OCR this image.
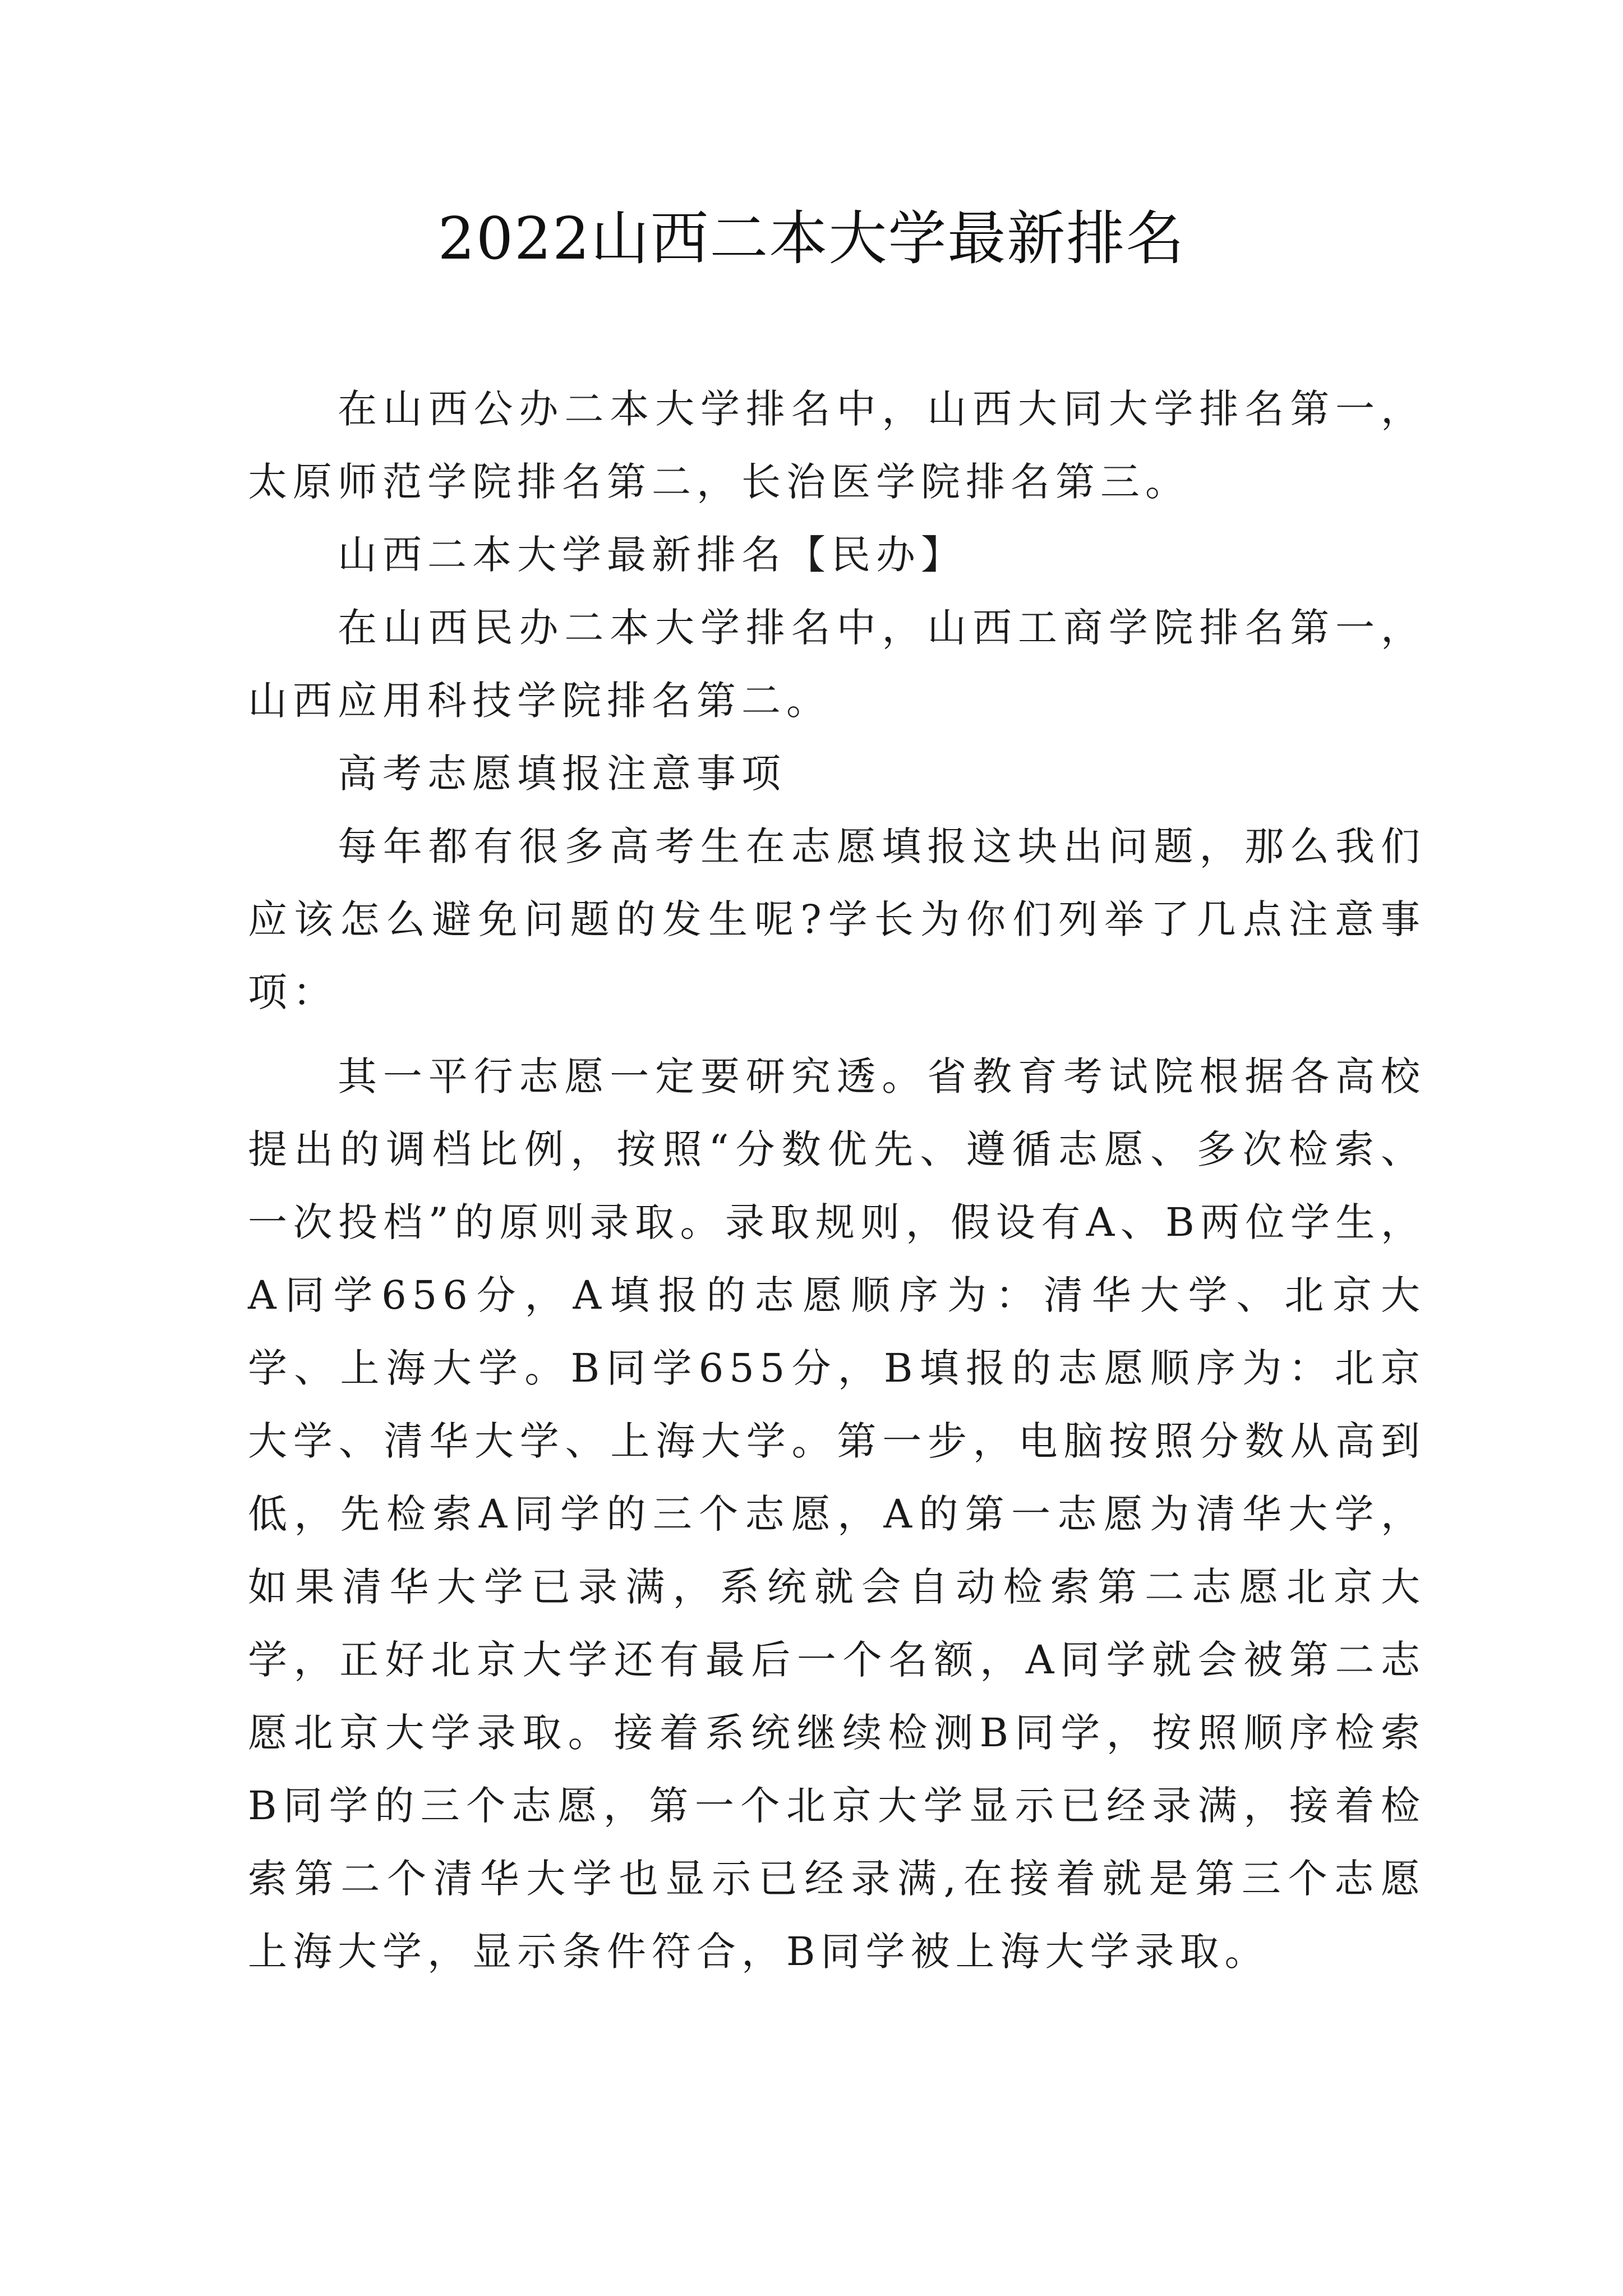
2022山西二本大学最新排名

在山西公办二本大学排名中，山西大同大学排名第一，太原师范学院排名第二，长治医学院排名第三。

山西二本大学最新排名【民办】

在山西民办二本大学排名中，山西工商学院排名第一，山西应用科技学院排名第二。

高考志愿填报注意事项

每年都有很多高考生在志愿填报这块出问题，那么我们应该怎么避免问题的发生呢?学长为你们列举了几点注意事项：

其一平行志愿一定要研究透。省教育考试院根据各高校提出的调档比例，按照“分数优先、遵循志愿、多次检索、一次投档”的原则录取。录取规则，假设有A、B两位学生，A同学656分，A填报的志愿顺序为：清华大学、北京大学、上海大学。B同学655分，B填报的志愿顺序为：北京大学、清华大学、上海大学。第一步，电脑按照分数从高到低，先检索A同学的三个志愿，A的第一志愿为清华大学，如果清华大学已录满，系统就会自动检索第二志愿北京大学，正好北京大学还有最后一个名额，A同学就会被第二志愿北京大学录取。接着系统继续检测B同学，按照顺序检索B同学的三个志愿，第一个北京大学显示已经录满，接着检索第二个清华大学也显示已经录满,在接着就是第三个志愿上海大学，显示条件符合，B同学被上海大学录取。
